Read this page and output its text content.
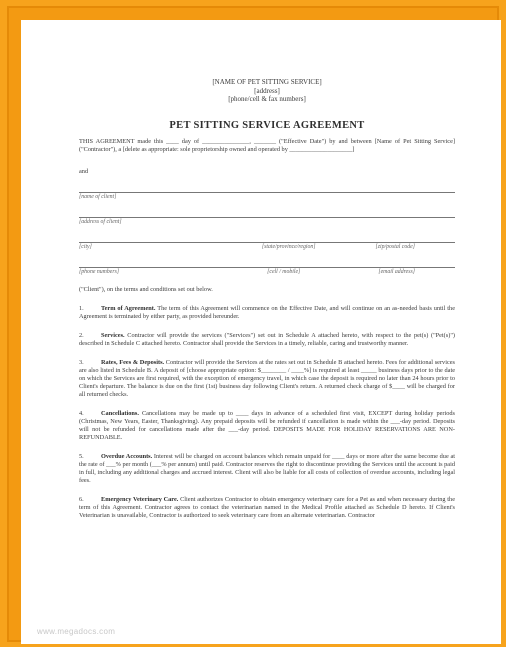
[NAME OF PET SITTING SERVICE]
[address]
[phone/cell & fax numbers]
PET SITTING SERVICE AGREEMENT
THIS AGREEMENT made this ____ day of _______________, _______ ("Effective Date") by and between [Name of Pet Sitting Service] ("Contractor"), a [delete as appropriate: sole proprietorship owned and operated by ____________________]
and
[name of client]
[address of client]
[city]	[state/province/region]	[zip/postal code]
[phone numbers]	[cell / mobile]	[email address]
("Client"), on the terms and conditions set out below.
1.	Term of Agreement. The term of this Agreement will commence on the Effective Date, and will continue on an as-needed basis until the Agreement is terminated by either party, as provided hereunder.
2.	Services. Contractor will provide the services ("Services") set out in Schedule A attached hereto, with respect to the pet(s) ("Pet(s)") described in Schedule C attached hereto. Contractor shall provide the Services in a timely, reliable, caring and trustworthy manner.
3.	Rates, Fees & Deposits. Contractor will provide the Services at the rates set out in Schedule B attached hereto. Fees for additional services are also listed in Schedule B. A deposit of [choose appropriate option: $________ / ____%] is required at least _____ business days prior to the date on which the Services are first required, with the exception of emergency travel, in which case the deposit is required no later than 24 hours prior to Client's departure. The balance is due on the first (1st) business day following Client's return. A returned check charge of $____ will be charged for all returned checks.
4.	Cancellations. Cancellations may be made up to ____ days in advance of a scheduled first visit, EXCEPT during holiday periods (Christmas, New Years, Easter, Thanksgiving). Any prepaid deposits will be refunded if cancellation is made within the ___-day period. Deposits will not be refunded for cancellations made after the ___-day period. DEPOSITS MADE FOR HOLIDAY RESERVATIONS ARE NON-REFUNDABLE.
5.	Overdue Accounts. Interest will be charged on account balances which remain unpaid for ____ days or more after the same become due at the rate of ___% per month (___% per annum) until paid. Contractor reserves the right to discontinue providing the Services until the account is paid in full, including any additional charges and accrued interest. Client will also be liable for all costs of collection of overdue accounts, including legal fees.
6.	Emergency Veterinary Care. Client authorizes Contractor to obtain emergency veterinary care for a Pet as and when necessary during the term of this Agreement. Contractor agrees to contact the veterinarian named in the Medical Profile attached as Schedule D hereto. If Client's Veterinarian is unavailable, Contractor is authorized to seek veterinary care from an alternate veterinarian. Contractor
www.megadocs.com
